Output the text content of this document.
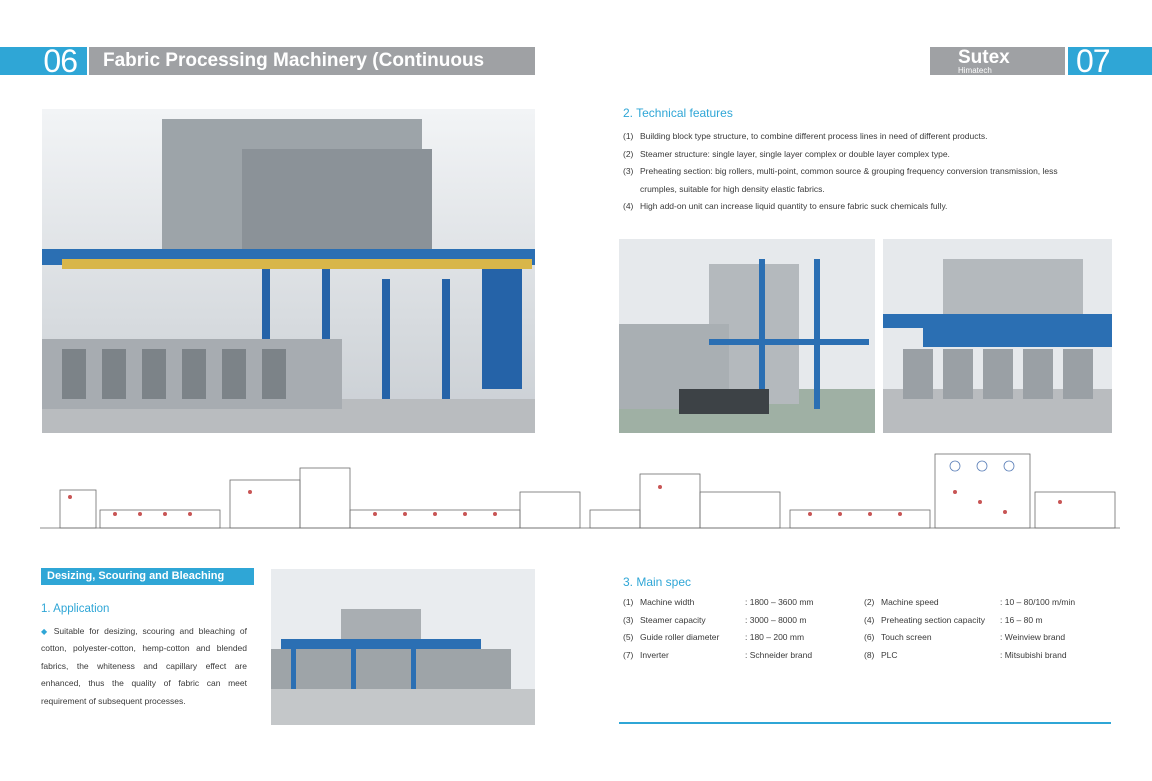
06	Fabric Processing Machinery (Continuous Type)
Sutex
Himatech	07
2. Technical features
(1) Building block type structure, to combine different process lines in need of different products.
(2) Steamer structure: single layer, single layer complex or double layer complex type.
(3) Preheating section: big rollers, multi-point, common source & grouping frequency conversion transmission, less crumples, suitable for high density elastic fabrics.
(4) High add-on unit can increase liquid quantity to ensure fabric suck chemicals fully.
Desizing, Scouring and Bleaching Range
1. Application
◆ Suitable for desizing, scouring and bleaching of cotton, polyester-cotton, hemp-cotton and blended fabrics, the whiteness and capillary effect are enhanced, thus the quality of fabric can meet requirement of subsequent processes.
3. Main spec
(1) Machine width	: 1800 – 3600 mm	(2) Machine speed	: 10 – 80/100 m/min
(3) Steamer capacity	: 3000 – 8000 m	(4) Preheating section capacity : 16 – 80 m
(5) Guide roller diameter	: 180 – 200 mm	(6) Touch screen	: Weinview brand
(7) Inverter	: Schneider brand	(8) PLC	: Mitsubishi brand
